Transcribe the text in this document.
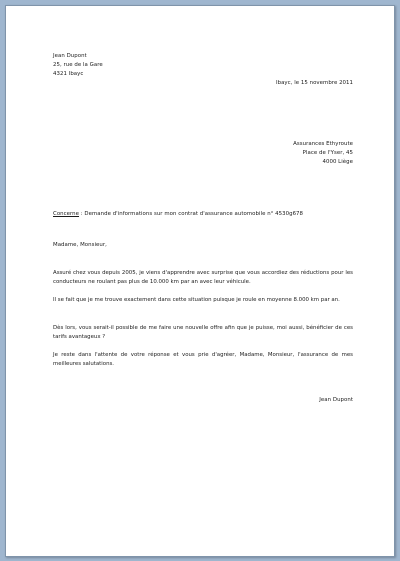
Jean Dupont
25, rue de la Gare
4321 Ibayc
Ibayc, le 15 novembre 2011
Assurances Ethyroute
Place de l'Yser, 45
4000 Liège
Concerne : Demande d'informations sur mon contrat d'assurance automobile n° 4530g678
Madame, Monsieur,
Assuré chez vous depuis 2005, je viens d'apprendre avec surprise que vous accordiez des réductions pour les conducteurs ne roulant pas plus de 10.000 km par an avec leur véhicule.
Il se fait que je me trouve exactement dans cette situation puisque je roule en moyenne 8.000 km par an.
Dès lors, vous serait-il possible de me faire une nouvelle offre afin que je puisse, moi aussi, bénéficier de ces tarifs avantageux ?
Je reste dans l'attente de votre réponse et vous prie d'agréer, Madame, Monsieur, l'assurance de mes meilleures salutations.
Jean Dupont
